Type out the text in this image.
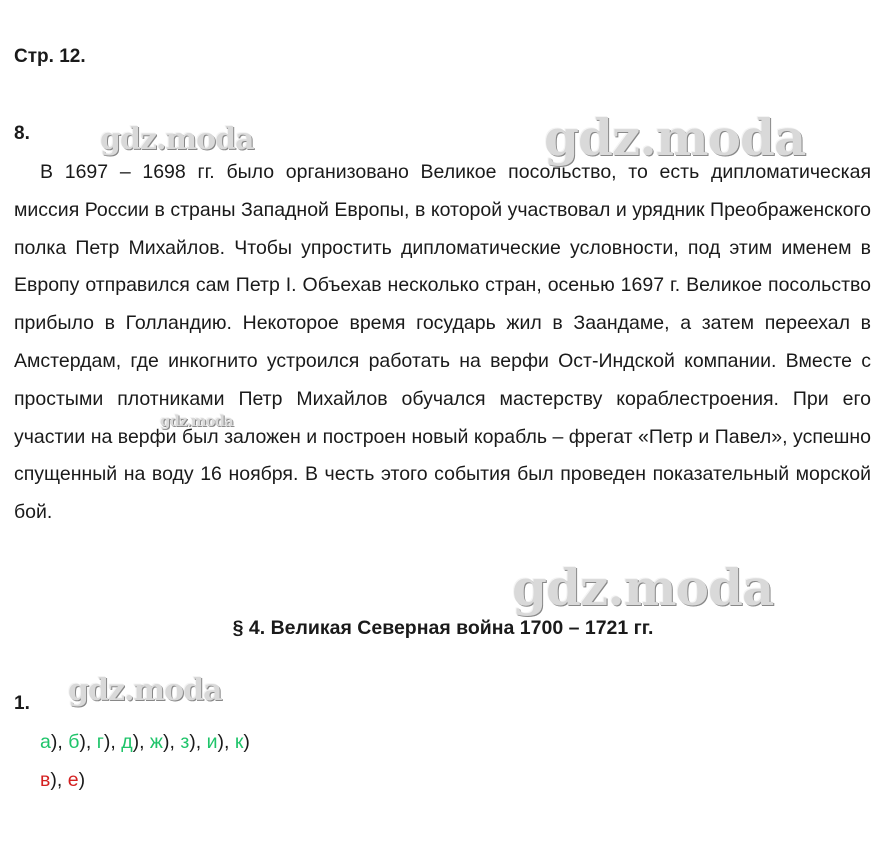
Стр. 12.
8.

В 1697 – 1698 гг. было организовано Великое посольство, то есть дипломатическая миссия России в страны Западной Европы, в которой участвовал и урядник Преображенского полка Петр Михайлов. Чтобы упростить дипломатические условности, под этим именем в Европу отправился сам Петр I. Объехав несколько стран, осенью 1697 г. Великое посольство прибыло в Голландию. Некоторое время государь жил в Заандаме, а затем переехал в Амстердам, где инкогнито устроился работать на верфи Ост-Индской компании. Вместе с простыми плотниками Петр Михайлов обучался мастерству кораблестроения. При его участии на верфи был заложен и построен новый корабль – фрегат «Петр и Павел», успешно спущенный на воду 16 ноября. В честь этого события был проведен показательный морской бой.

§ 4. Великая Северная война 1700 – 1721 гг.
1.
а), б), г), д), ж), з), и), к)
в), е)
gdz.moda	gdz.moda
gdz.moda
gdz.moda
gdz.moda
